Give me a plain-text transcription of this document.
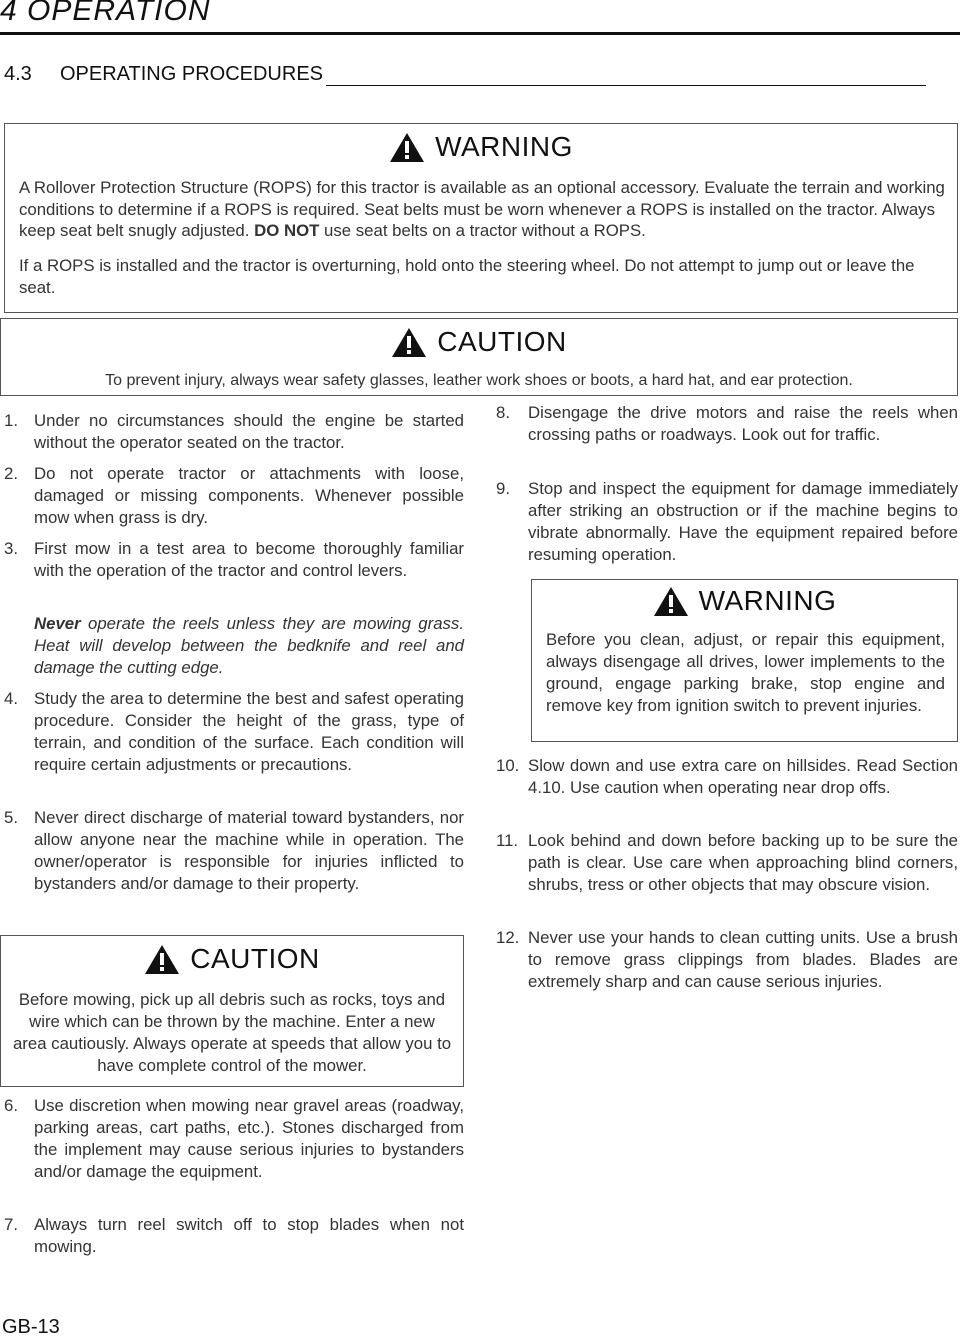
4 OPERATION
4.3	OPERATING PROCEDURES
WARNING
A Rollover Protection Structure (ROPS) for this tractor is available as an optional accessory. Evaluate the terrain and working conditions to determine if a ROPS is required. Seat belts must be worn whenever a ROPS is installed on the tractor. Always keep seat belt snugly adjusted. DO NOT use seat belts on a tractor without a ROPS.
If a ROPS is installed and the tractor is overturning, hold onto the steering wheel. Do not attempt to jump out or leave the seat.
CAUTION
To prevent injury, always wear safety glasses, leather work shoes or boots, a hard hat, and ear protection.
1. Under no circumstances should the engine be started without the operator seated on the tractor.

2. Do not operate tractor or attachments with loose, damaged or missing components. Whenever possible mow when grass is dry.

3. First mow in a test area to become thoroughly familiar with the operation of the tractor and control levers.

Never operate the reels unless they are mowing grass. Heat will develop between the bedknife and reel and damage the cutting edge.

4. Study the area to determine the best and safest operating procedure. Consider the height of the grass, type of terrain, and condition of the surface. Each condition will require certain adjustments or precautions.

5. Never direct discharge of material toward bystanders, nor allow anyone near the machine while in operation. The owner/operator is responsible for injuries inflicted to bystanders and/or damage to their property.

CAUTION
Before mowing, pick up all debris such as rocks, toys and wire which can be thrown by the machine. Enter a new area cautiously. Always operate at speeds that allow you to have complete control of the mower.
6. Use discretion when mowing near gravel areas (roadway, parking areas, cart paths, etc.). Stones discharged from the implement may cause serious injuries to bystanders and/or damage the equipment.

7. Always turn reel switch off to stop blades when not mowing.

8. Disengage the drive motors and raise the reels when crossing paths or roadways. Look out for traffic.

9. Stop and inspect the equipment for damage immediately after striking an obstruction or if the machine begins to vibrate abnormally. Have the equipment repaired before resuming operation.

WARNING
Before you clean, adjust, or repair this equipment, always disengage all drives, lower implements to the ground, engage parking brake, stop engine and remove key from ignition switch to prevent injuries.
10. Slow down and use extra care on hillsides. Read Section 4.10. Use caution when operating near drop offs.

11. Look behind and down before backing up to be sure the path is clear. Use care when approaching blind corners, shrubs, tress or other objects that may obscure vision.

12. Never use your hands to clean cutting units. Use a brush to remove grass clippings from blades. Blades are extremely sharp and can cause serious injuries.

GB-13
